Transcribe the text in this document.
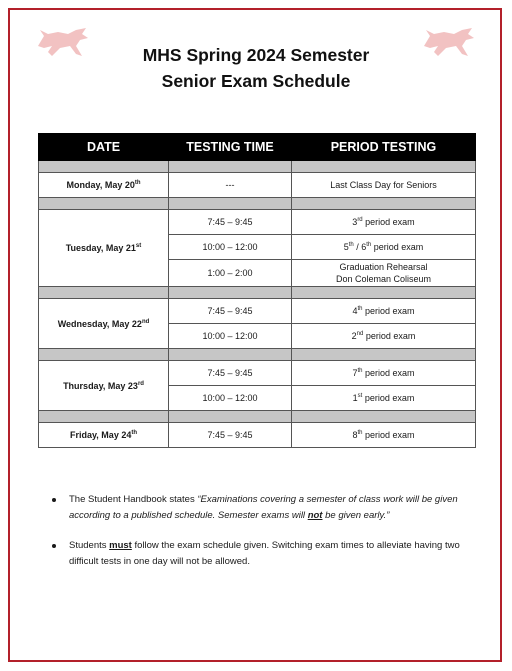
MHS Spring 2024 Semester
Senior Exam Schedule
DATE	TESTING TIME	PERIOD TESTING

Monday, May 20th	---	Last Class Day for Seniors

Tuesday, May 21st	7:45 – 9:45	3rd period exam
	10:00 – 12:00	5th / 6th period exam
	1:00 – 2:00	Graduation Rehearsal
Don Coleman Coliseum

Wednesday, May 22nd	7:45 – 9:45	4th period exam
	10:00 – 12:00	2nd period exam

Thursday, May 23rd	7:45 – 9:45	7th period exam
	10:00 – 12:00	1st period exam

Friday, May 24th	7:45 – 9:45	8th period exam
The Student Handbook states “Examinations covering a semester of class work will be given according to a published schedule. Semester exams will not be given early.”
Students must follow the exam schedule given. Switching exam times to alleviate having two difficult tests in one day will not be allowed.
